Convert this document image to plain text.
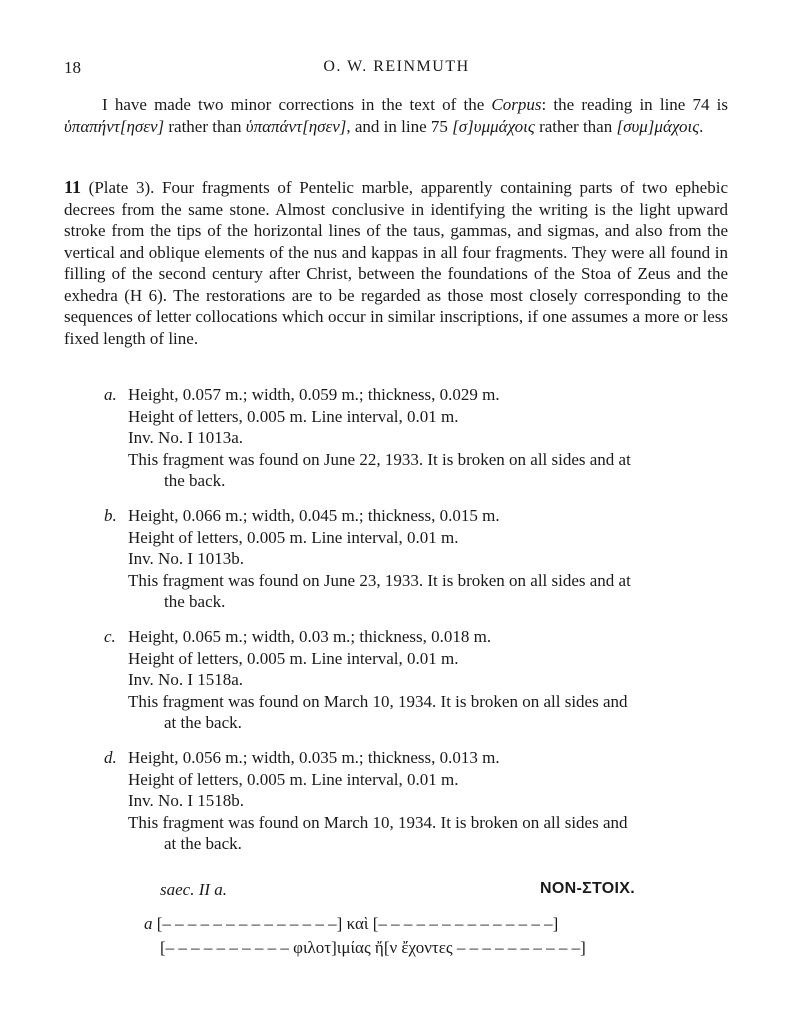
18	O. W. REINMUTH
I have made two minor corrections in the text of the Corpus: the reading in line 74 is ὑπαπήντ[ησεν] rather than ὑπαπάντ[ησεν], and in line 75 [σ]υμμάχοις rather than [συμ]μάχοις.
11 (Plate 3). Four fragments of Pentelic marble, apparently containing parts of two ephebic decrees from the same stone. Almost conclusive in identifying the writing is the light upward stroke from the tips of the horizontal lines of the taus, gammas, and sigmas, and also from the vertical and oblique elements of the nus and kappas in all four fragments. They were all found in filling of the second century after Christ, between the foundations of the Stoa of Zeus and the exhedra (H 6). The restorations are to be regarded as those most closely corresponding to the sequences of letter collocations which occur in similar inscriptions, if one assumes a more or less fixed length of line.
a. Height, 0.057 m.; width, 0.059 m.; thickness, 0.029 m.
Height of letters, 0.005 m. Line interval, 0.01 m.
Inv. No. I 1013a.
This fragment was found on June 22, 1933. It is broken on all sides and at
the back.
b. Height, 0.066 m.; width, 0.045 m.; thickness, 0.015 m.
Height of letters, 0.005 m. Line interval, 0.01 m.
Inv. No. I 1013b.
This fragment was found on June 23, 1933. It is broken on all sides and at
the back.
c. Height, 0.065 m.; width, 0.03 m.; thickness, 0.018 m.
Height of letters, 0.005 m. Line interval, 0.01 m.
Inv. No. I 1518a.
This fragment was found on March 10, 1934. It is broken on all sides and
at the back.
d. Height, 0.056 m.; width, 0.035 m.; thickness, 0.013 m.
Height of letters, 0.005 m. Line interval, 0.01 m.
Inv. No. I 1518b.
This fragment was found on March 10, 1934. It is broken on all sides and
at the back.
saec. II a.	NON-ΣΤΟΙΧ.
a [– – – – – – – – – – – – – –] καὶ [– – – – – – – – – – – – – –]
[– – – – – – – – – – φιλοτ]ιμίας ἤ[ν ἔχοντες – – – – – – – – – –]
